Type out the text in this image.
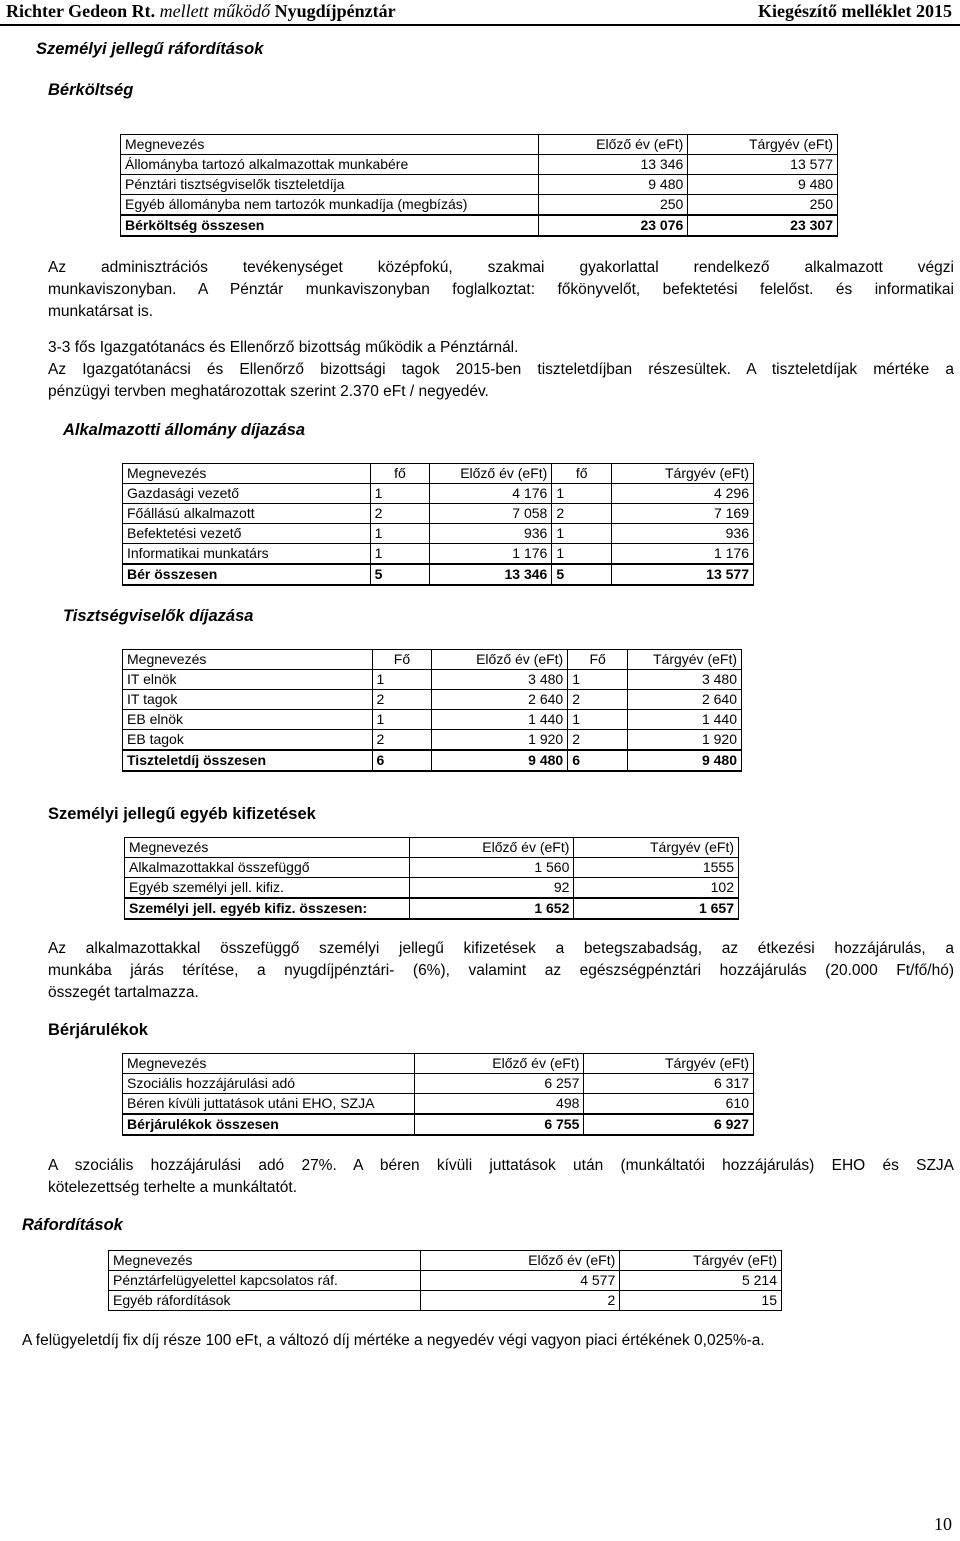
Richter Gedeon Rt. mellett működő Nyugdíjpénztár	Kiegészítő melléklet 2015
Személyi jellegű ráfordítások
Bérköltség
Megnevezés	Előző év (eFt)	Tárgyév (eFt)
Állományba tartozó alkalmazottak munkabére	13 346	13 577
Pénztári tisztségviselők tiszteletdíja	9 480	9 480
Egyéb állományba nem tartozók munkadíja (megbízás)	250	250
Bérköltség összesen	23 076	23 307
Az adminisztrációs tevékenységet középfokú, szakmai gyakorlattal rendelkező alkalmazott végzi
munkaviszonyban. A Pénztár munkaviszonyban foglalkoztat: főkönyvelőt, befektetési felelőst. és informatikai
munkatársat is.
3-3 fős Igazgatótanács és Ellenőrző bizottság működik a Pénztárnál.
Az Igazgatótanácsi és Ellenőrző bizottsági tagok 2015-ben tiszteletdíjban részesültek. A tiszteletdíjak mértéke a
pénzügyi tervben meghatározottak szerint 2.370 eFt / negyedév.
Alkalmazotti állomány díjazása
Megnevezés	fő	Előző év (eFt)	fő	Tárgyév (eFt)
Gazdasági vezető	1	4 176	1	4 296
Főállású alkalmazott	2	7 058	2	7 169
Befektetési vezető	1	936	1	936
Informatikai munkatárs	1	1 176	1	1 176
Bér összesen	5	13 346	5	13 577
Tisztségviselők díjazása
Megnevezés	Fő	Előző év (eFt)	Fő	Tárgyév (eFt)
IT elnök	1	3 480	1	3 480
IT tagok	2	2 640	2	2 640
EB elnök	1	1 440	1	1 440
EB tagok	2	1 920	2	1 920
Tiszteletdíj összesen	6	9 480	6	9 480
Személyi jellegű egyéb kifizetések
Megnevezés	Előző év (eFt)	Tárgyév (eFt)
Alkalmazottakkal összefüggő	1 560	1555
Egyéb személyi jell. kifiz.	92	102
Személyi jell. egyéb kifiz. összesen:	1 652	1 657
Az alkalmazottakkal összefüggő személyi jellegű kifizetések a betegszabadság, az étkezési hozzájárulás, a
munkába járás térítése, a nyugdíjpénztári- (6%), valamint az egészségpénztári hozzájárulás (20.000 Ft/fő/hó)
összegét tartalmazza.
Bérjárulékok
Megnevezés	Előző év (eFt)	Tárgyév (eFt)
Szociális hozzájárulási adó	6 257	6 317
Béren kívüli juttatások utáni EHO, SZJA	498	610
Bérjárulékok összesen	6 755	6 927
A szociális hozzájárulási adó 27%. A béren kívüli juttatások után (munkáltatói hozzájárulás) EHO és SZJA
kötelezettség terhelte a munkáltatót.
Ráfordítások
Megnevezés	Előző év (eFt)	Tárgyév (eFt)
Pénztárfelügyelettel kapcsolatos ráf.	4 577	5 214
Egyéb ráfordítások	2	15
A felügyeletdíj fix díj része 100 eFt, a változó díj mértéke a negyedév végi vagyon piaci értékének 0,025%-a.
10
